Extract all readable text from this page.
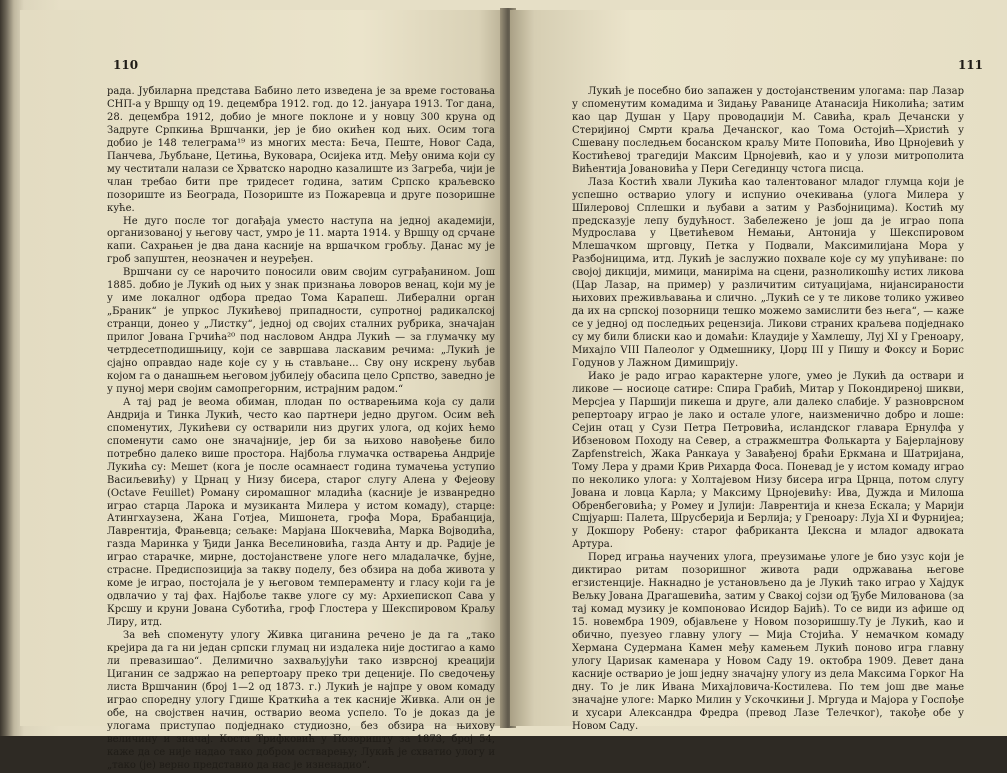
110

рада. Јубиларна представа Бабино лето изведена је за време гостовања СНП-а у Вршцу од 19. децембра 1912. год. до 12. јануара 1913. Тог дана, 28. децембра 1912, добио је многе поклоне и у новцу 300 круна од Задруге Српкиња Вршчанки, јер је био окићен код њих. Осим тога добио је 148 телеграма¹⁹ из многих места: Беча, Пеште, Новог Сада, Панчева, Љубљане, Цетиња, Вуковара, Осијека итд. Међу онима који су му честитали налази се Хрватско народно казалиште из Загреба, чији је члан требао бити пре тридесет година, затим Српско краљевско позориште из Београда, Позориште из Пожаревца и друге позоришне куће.

Не дуго после тог догађаја уместо наступа на једној академији, организованој у његову част, умро је 11. марта 1914. у Вршцу од срчане капи. Сахрањен је два дана касније на вршачком гробљу. Данас му је гроб запуштен, неозначен и неуређен.

Вршчани су се нарочито поносили овим својим суграђанином. Још 1885. добио је Лукић од њих у знак признања ловоров венац, који му је у име локалног одбора предао Тома Карапеш. Либерални орган „Браник“ је упркос Лукићевој припадности, супротној радикалској странци, донео у „Листку“, једној од својих сталних рубрика, значајан прилог Јована Грчића²⁰ под насловом Андра Лукић — за глумачку му четрдесетподишњицу, који се завршава ласкавим речима: „Лукић је сјајно оправдао наде које су у њ стављане... Сву ону искрену љубав којом га о данашњем његовом јубилеју обасипа цело Српство, заведно је у пуној мери својим самопрегорним, истрајним радом.“

А тај рад је веома обиман, плодан по остварењима која су дали Андрија и Тинка Лукић, често као партнери једно другом. Осим већ споменутих, Лукићеви су остварили низ других улога, од којих ћемо споменути само оне значајније, јер би за њихово навођење било потребно далеко више простора. Најбоља глумачка остварења Андрије Лукића су: Мешет (кога је после осамнаест година тумачења уступио Васиљевићу) у Црнац у Низу бисера, старог слугу Алена у Фејеову (Octave Feuillet) Роману сиромашног младића (касније је изванредно играо старца Ларока и музиканта Милера у истом комаду), старце: Атингхаузена, Жана Готјеа, Мишонета, грофа Мора, Брабанција, Лаврентија, Фрањевца; сељаке: Марјана Шокчевића, Марка Војводића, газда Маринка у Ђиди Јанка Веселиновића, газда Анту и др. Радије је играо старачке, мирне, доcтојанствене улоге него младалачке, бујне, страсне. Предиспозиција за такву поделу, без обзира на доба живота у коме је играо, постојала је у његовом темпераменту и гласу који га је одвлачио у тај фах. Најбоље такве улоге су му: Архиепископ Сава у Крсшу и круни Јована Суботића, гроф Глостера у Шекспировом Краљу Лиру, итд.

За већ споменуту улогу Живка циганина речено је да га „тако крејира да га ни један српски глумац ни издалека није достигао а камо ли превазишао“. Делимично захваљујући тако изврсној креацији Циганин се задржао на репертоару преко три деценије. По сведочењу листа Вршчанин (број 1—2 од 1873. г.) Лукић је најпре у овом комаду играо споредну улогу Гдише Краткића а тек касније Живка. Али он је обе, на својствен начин, остварио веома успело. То је доказ да је улогама приступао подједнако студиозно, без обзира на њихову величину и значај. Коста Трифковић у Позоришту за 1873, број 54, каже да се није надао тако добром остварењу; Лукић је схватио улогу и „тако (је) верно представио да нас је изненадио“.

111

Лукић је посебно био запажен у достојанственим улогама: пар Лазар у споменутим комадима и Зидању Раванице Атанасија Николића; затим као цар Душан у Цару проводаџији М. Савића, краљ Дечански у Стеријиној Смрти краља Дечанског, као Тома Остојић—Христић у Сшевану последњем босанском краљу Мите Поповића, Иво Црнојевић у Костићевој трагедији Максим Црнојевић, као и у улози митрополита Вићентија Јовановића у Пери Сегединцу чстога писца.

Лаза Костић хвали Лукића као талентованог младог глумца који је успешно остварио улогу и испунио очекивања (улога Милера у Шилеровој Сплешки и љубави а затим у Разбојницима). Костић му предсказује лепу будућност. Забележено је још да је играо попа Мудрослава у Цветићевом Немањи, Антонија у Шекспировом Млешачком шрговцу, Петка у Подвали, Максимилијана Мора у Разбојницима, итд. Лукић је заслужио похвале које су му упућиване: по својој дикцији, мимици, маниріма на сцени, разноликошћу истих ликова (Цар Лазар, на пример) у различитим ситуацијама, нијансираности њихових преживљавања и слично. „Лукић се у те ликове толико уживео да их на српској позорници тешко можемо замислити без њега“, — каже се у једној од последњих рецензија. Ликови страних краљева подједнако су му били блиски као и домаћи: Клаудије у Хамлешу, Луј XI у Греноару, Михајло VIII Палеолог у Одмешнику, Џорџ III у Пишу и Фоксу и Борис Годунов у Лажном Димишрију.

Иако је радо играо карактерне улоге, умео је Лукић да оствари и ликове — носиоце сатире: Спира Грабић, Митар у Покондиреној шикви, Мерсјеа у Паршији пикеша и друге, али далеко слабије. У разноврсном репертоару играо је лако и остале улоге, наизменично добро и лоше: Сејин отац у Сузи Петра Петровића, исландског главара Ернулфа у Ибзеновом Походу на Север, а стражмештра Фолькарта у Бајерлајнову Zapfenstreich, Жака Ранкауа у Завађеној браћи Еркмана и Шатријана, Тому Лера у драми Крив Рихарда Фоса. Поневад је у истом комаду играо по неколико улога: у Холтајевом Низу бисера игра Црнца, потом слугу Јована и ловца Карла; у Максиму Црнојевићу: Ива, Дужда и Милоша Обренбеговића; у Ромеу и Јулији: Лаврентија и кнеза Ескала; у Марији Сшјуарш: Палета, Шрусберија и Берлија; у Греноару: Луја XI и Фурнијеа; у Докшору Робену: старог фабриканта Џексна и младог адвоката Артура.

Поред играња научених улога, преузимање улоге је био узус који је диктирао ритам позоришног живота ради одржавања његове егзистенције. Накнадно је установљено да је Лукић тако играо у Хајдук Вељку Јована Драгашевића, затим у Свакој сојзи од Ђубе Милованова (за тај комад музику је компоновао Исидор Бајић). То се види из афише од 15. новембра 1909, објављене у Новом позоришшу.Ту је Лукић, као и обично, пуезуео главну улогу — Мија Стојића. У немачком комаду Хермана Судермана Камен међу камењем Лукић поново игра главну улогу Цариѕак каменара у Новом Саду 19. октобра 1909. Девет дана касније остварио је још једну значајну улогу из дела Максима Горког На дну. То је лик Ивана Михајловича-Костилева. По тем још две мање значајне улоге: Марко Милин у Ускочкињи Ј. Мргуда и Мајора у Госпође и хусари Александра Фредра (превод Лазе Телечког), такође обе у Новом Саду.
